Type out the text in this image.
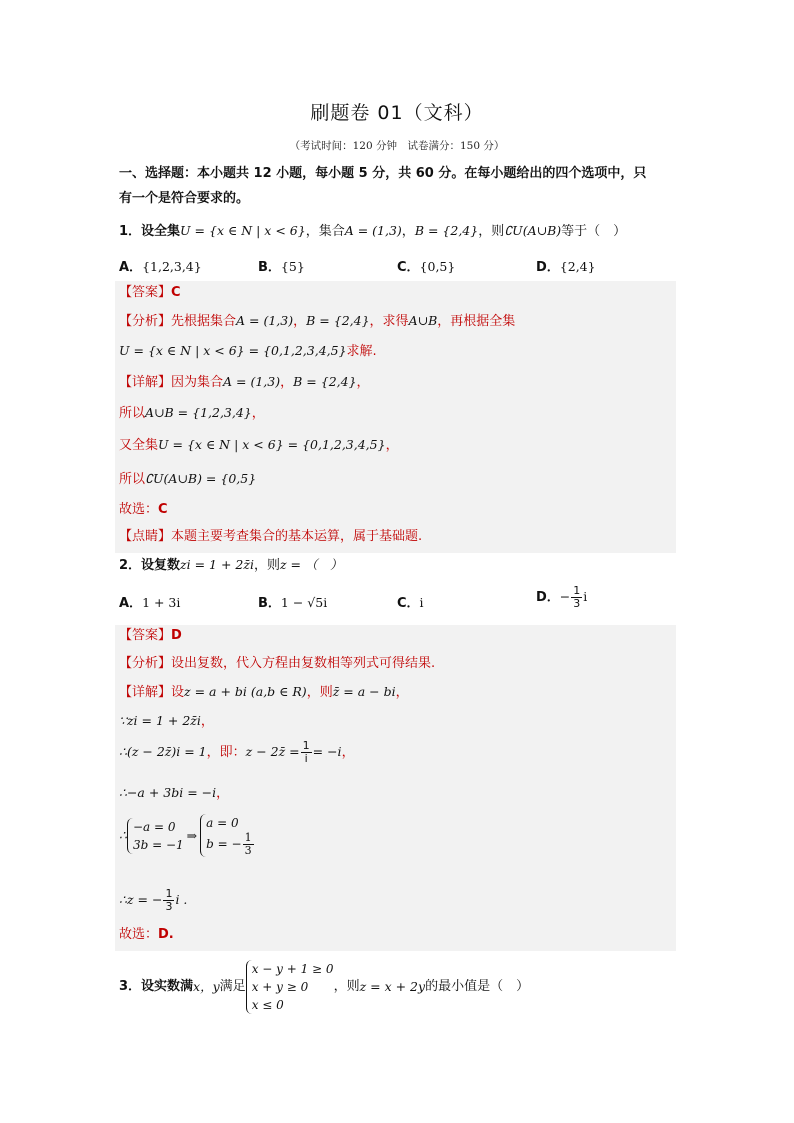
刷题卷 01（文科）
（考试时间：120 分钟　试卷满分：150 分）
一、选择题：本小题共 12 小题，每小题 5 分，共 60 分。在每小题给出的四个选项中，只
有一个是符合要求的。
1．设全集U = {x ∈ N | x < 6}，集合A = (1,3)，B = {2,4}，则∁U(A∪B)等于（　）
A．{1,2,3,4}	B．{5}	C．{0,5}	D．{2,4}
【答案】C
【分析】先根据集合A = (1,3)，B = {2,4}，求得A∪B，再根据全集
U = {x ∈ N | x < 6} = {0,1,2,3,4,5}求解.
【详解】因为集合A = (1,3)，B = {2,4}，
所以A∪B = {1,2,3,4}，
又全集U = {x ∈ N | x < 6} = {0,1,2,3,4,5}，
所以∁U(A∪B) = {0,5}
故选：C
【点睛】本题主要考查集合的基本运算，属于基础题.
2．设复数zi = 1 + 2z̄i，则z = （　）
A．1 + 3i	B．1 − √5i	C．i	D．− $\frac{1}{3}$ i
【答案】D
【分析】设出复数，代入方程由复数相等列式可得结果.
【详解】设z = a + bi (a,b ∈ R)，则z̄ = a − bi，
∵zi = 1 + 2z̄i，
∴(z − 2z̄)i = 1，即：z − 2z̄ = $\frac{1}{i} = -i$，
∴−a + 3bi = −i，
∴
−a = 0
3b = −1
⇒
a = 0
b = − $\frac{1}{3}$
∴z = − $\frac{1}{3}$ i .
故选：D.
3．设实数满x，y满足
x − y + 1 ≥ 0
x + y ≥ 0
x ≤ 0
，则z = x + 2y的最小值是（　）
